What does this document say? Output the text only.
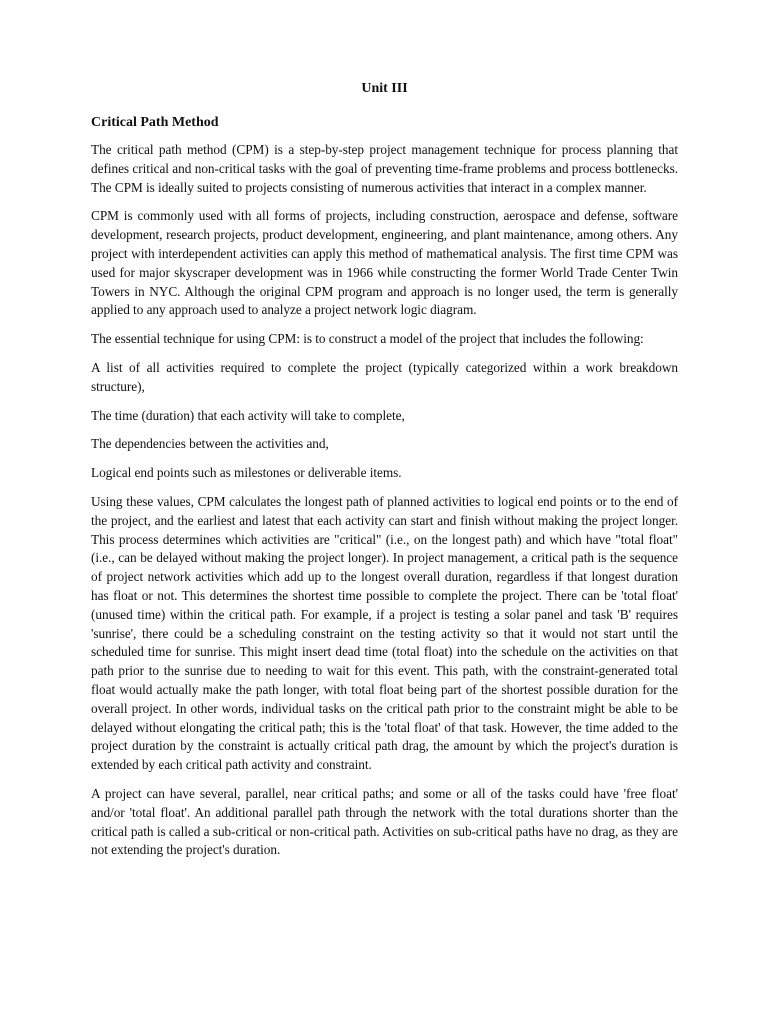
Unit III
Critical Path Method

The critical path method (CPM) is a step-by-step project management technique for process planning that defines critical and non-critical tasks with the goal of preventing time-frame problems and process bottlenecks. The CPM is ideally suited to projects consisting of numerous activities that interact in a complex manner.

CPM is commonly used with all forms of projects, including construction, aerospace and defense, software development, research projects, product development, engineering, and plant maintenance, among others. Any project with interdependent activities can apply this method of mathematical analysis. The first time CPM was used for major skyscraper development was in 1966 while constructing the former World Trade Center Twin Towers in NYC. Although the original CPM program and approach is no longer used, the term is generally applied to any approach used to analyze a project network logic diagram.

The essential technique for using CPM: is to construct a model of the project that includes the following:

A list of all activities required to complete the project (typically categorized within a work breakdown structure),

The time (duration) that each activity will take to complete,

The dependencies between the activities and,

Logical end points such as milestones or deliverable items.

Using these values, CPM calculates the longest path of planned activities to logical end points or to the end of the project, and the earliest and latest that each activity can start and finish without making the project longer. This process determines which activities are "critical" (i.e., on the longest path) and which have "total float" (i.e., can be delayed without making the project longer). In project management, a critical path is the sequence of project network activities which add up to the longest overall duration, regardless if that longest duration has float or not. This determines the shortest time possible to complete the project. There can be 'total float' (unused time) within the critical path. For example, if a project is testing a solar panel and task 'B' requires 'sunrise', there could be a scheduling constraint on the testing activity so that it would not start until the scheduled time for sunrise. This might insert dead time (total float) into the schedule on the activities on that path prior to the sunrise due to needing to wait for this event. This path, with the constraint-generated total float would actually make the path longer, with total float being part of the shortest possible duration for the overall project. In other words, individual tasks on the critical path prior to the constraint might be able to be delayed without elongating the critical path; this is the 'total float' of that task. However, the time added to the project duration by the constraint is actually critical path drag, the amount by which the project's duration is extended by each critical path activity and constraint.

A project can have several, parallel, near critical paths; and some or all of the tasks could have 'free float' and/or 'total float'. An additional parallel path through the network with the total durations shorter than the critical path is called a sub-critical or non-critical path. Activities on sub-critical paths have no drag, as they are not extending the project's duration.
